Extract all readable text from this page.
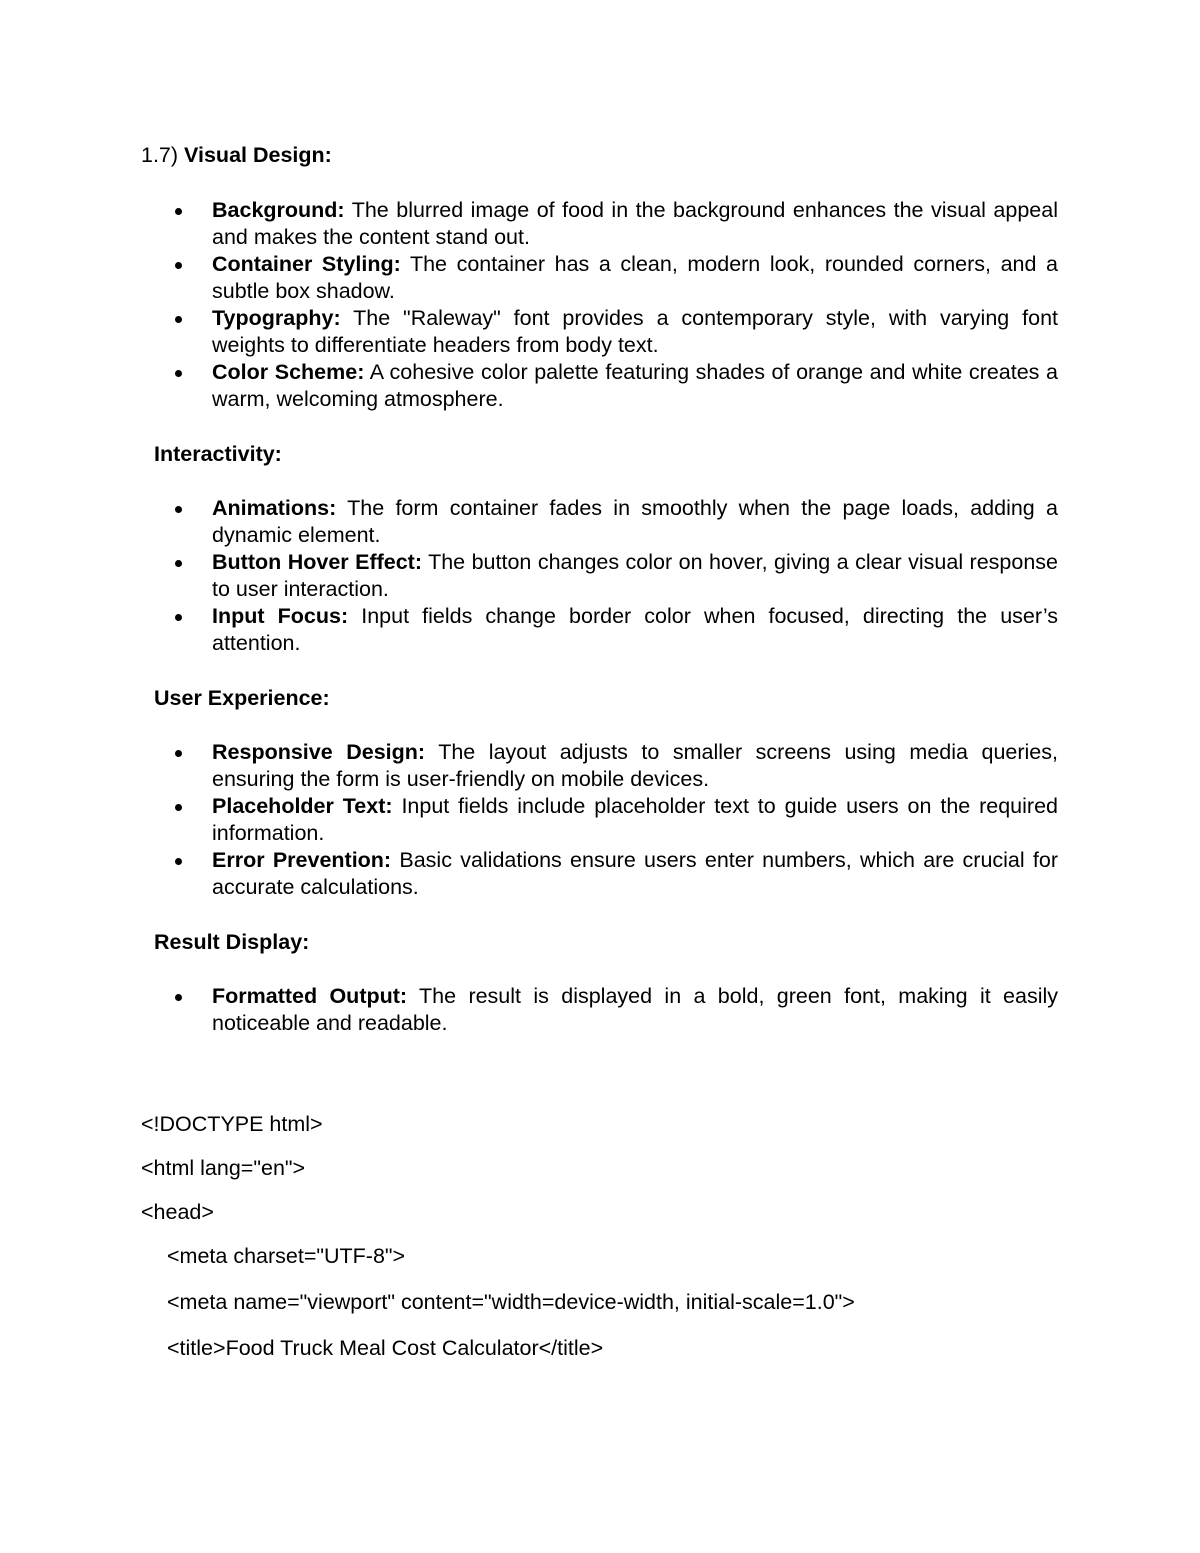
1.7) Visual Design:

Background: The blurred image of food in the background enhances the visual appeal and makes the content stand out.
Container Styling: The container has a clean, modern look, rounded corners, and a subtle box shadow.
Typography: The "Raleway" font provides a contemporary style, with varying font weights to differentiate headers from body text.
Color Scheme: A cohesive color palette featuring shades of orange and white creates a warm, welcoming atmosphere.

Interactivity:

Animations: The form container fades in smoothly when the page loads, adding a dynamic element.
Button Hover Effect: The button changes color on hover, giving a clear visual response to user interaction.
Input Focus: Input fields change border color when focused, directing the user’s attention.

User Experience:

Responsive Design: The layout adjusts to smaller screens using media queries, ensuring the form is user-friendly on mobile devices.
Placeholder Text: Input fields include placeholder text to guide users on the required information.
Error Prevention: Basic validations ensure users enter numbers, which are crucial for accurate calculations.

Result Display:

Formatted Output: The result is displayed in a bold, green font, making it easily noticeable and readable.

<!DOCTYPE html>

<html lang="en">

<head>

<meta charset="UTF-8">

<meta name="viewport" content="width=device-width, initial-scale=1.0">

<title>Food Truck Meal Cost Calculator</title>
